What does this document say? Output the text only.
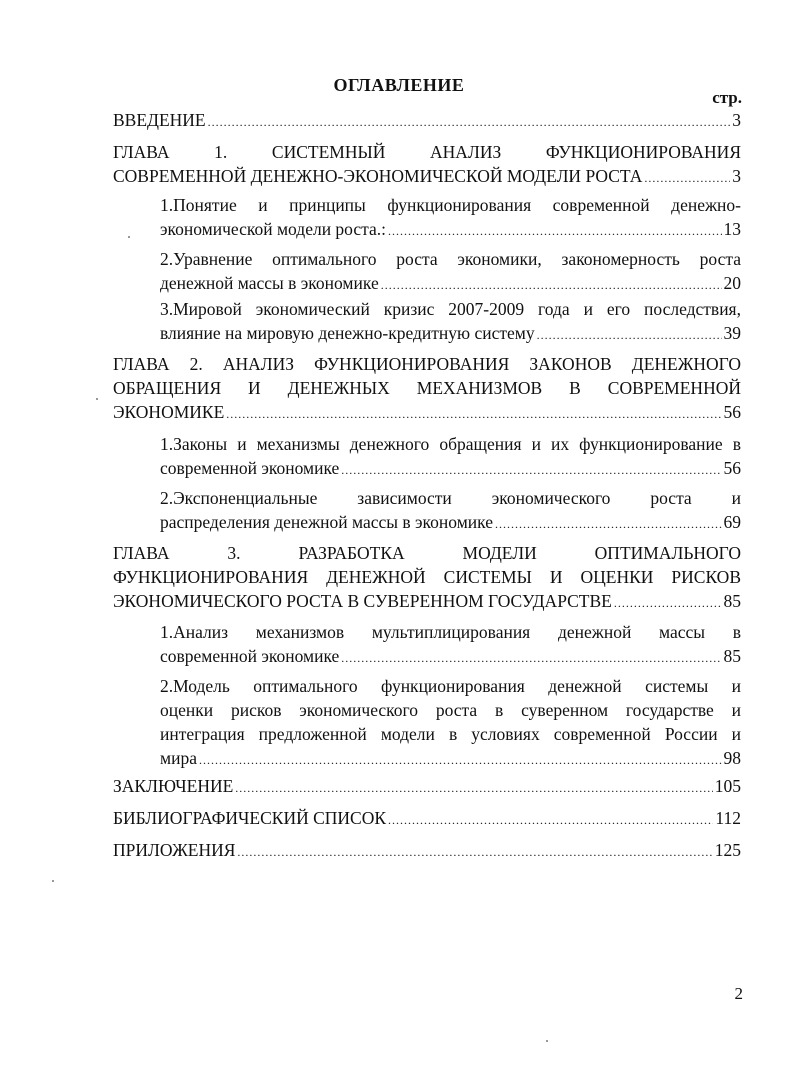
ОГЛАВЛЕНИЕ
стр.
ВВЕДЕНИЕ .....	3
ГЛАВА 1. СИСТЕМНЫЙ АНАЛИЗ ФУНКЦИОНИРОВАНИЯ
СОВРЕМЕННОЙ ДЕНЕЖНО-ЭКОНОМИЧЕСКОЙ МОДЕЛИ РОСТА .....	3
1.Понятие и принципы функционирования современной денежно-
экономической модели роста.: .....	13
2.Уравнение оптимального роста экономики, закономерность роста
денежной массы в экономике .....	20
3.Мировой экономический кризис 2007-2009 года и его последствия,
влияние на мировую денежно-кредитную систему .....	39
ГЛАВА 2. АНАЛИЗ ФУНКЦИОНИРОВАНИЯ ЗАКОНОВ ДЕНЕЖНОГО
ОБРАЩЕНИЯ И ДЕНЕЖНЫХ МЕХАНИЗМОВ В СОВРЕМЕННОЙ
ЭКОНОМИКЕ .....	56
1.Законы и механизмы денежного обращения и их функционирование в
современной экономике .....	56
2.Экспоненциальные зависимости экономического роста и
распределения денежной массы в экономике .....	69
ГЛАВА 3. РАЗРАБОТКА МОДЕЛИ ОПТИМАЛЬНОГО
ФУНКЦИОНИРОВАНИЯ ДЕНЕЖНОЙ СИСТЕМЫ И ОЦЕНКИ РИСКОВ
ЭКОНОМИЧЕСКОГО РОСТА В СУВЕРЕННОМ ГОСУДАРСТВЕ .....	85
1.Анализ механизмов мультиплицирования денежной массы в
современной экономике .....	85
2.Модель оптимального функционирования денежной системы и
оценки рисков экономического роста в суверенном государстве и
интеграция предложенной модели в условиях современной России и
мира .....	98
ЗАКЛЮЧЕНИЕ .....	105
БИБЛИОГРАФИЧЕСКИЙ СПИСОК .....	112
ПРИЛОЖЕНИЯ .....	125
2
